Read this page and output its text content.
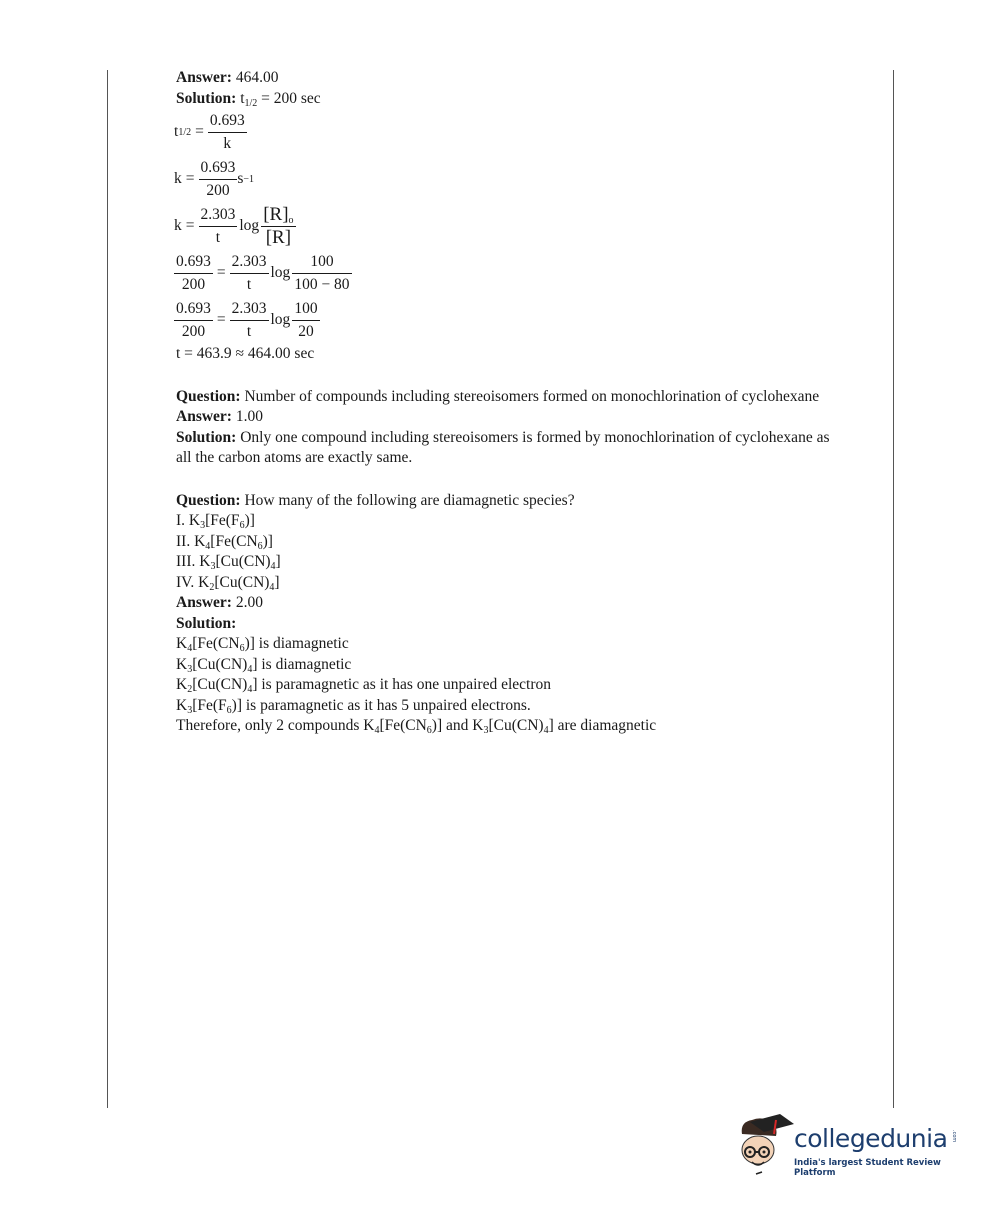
Answer: 464.00
Solution: $t_{1/2} = 200$ sec
t $1/2 = \frac{0.693}{k}$
$k = \frac{0.693}{200}$ s −1
$k = \frac{2.303}{t}$ $\log \frac{[R]_o}{[R]}$
$\frac{0.693}{200} = \frac{2.303}{t}$ $\log \frac{100}{100 - 80}$
$\frac{0.693}{200} = \frac{2.303}{t}$ $\log \frac{100}{20}$
t = 463.9 ≈ 464.00 sec
Question: Number of compounds including stereoisomers formed on monochlorination of cyclohexane
Answer: 1.00
Solution: Only one compound including stereoisomers is formed by monochlorination of cyclohexane as all the carbon atoms are exactly same.
Question: How many of the following are diamagnetic species?
I. $K_3[Fe(F_6)]$
II. $K_4[Fe(CN_6)]$
III. $K_3[Cu(CN)_4]$
IV. $K_2[Cu(CN)_4]$
Answer: 2.00
Solution:
$K_4[Fe(CN_6)]$ is diamagnetic
$K_3[Cu(CN)_4]$ is diamagnetic
$K_2[Cu(CN)_4]$ is paramagnetic as it has one unpaired electron
$K_3[Fe(F_6)]$ is paramagnetic as it has 5 unpaired electrons.
Therefore, only 2 compounds $K_4[Fe(CN_6)]$ and $K_3[Cu(CN)_4]$ are diamagnetic
collegedunia .com
India's largest Student Review Platform
